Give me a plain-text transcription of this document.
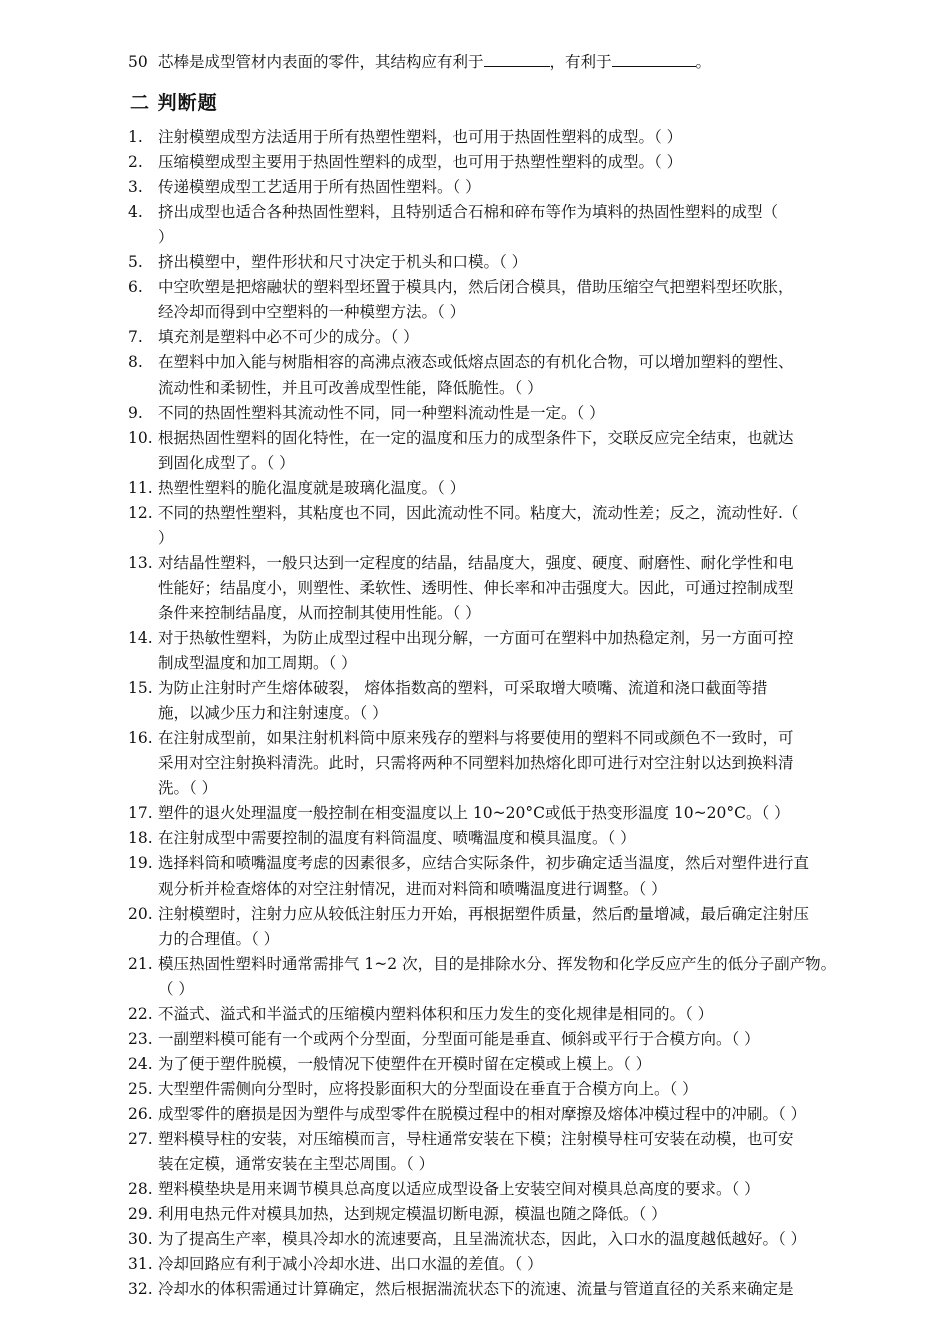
50 芯棒是成型管材内表面的零件，其结构应有利于	，有利于	。
二 判断题
1. 注射模塑成型方法适用于所有热塑性塑料，也可用于热固性塑料的成型。（ ）
2. 压缩模塑成型主要用于热固性塑料的成型，也可用于热塑性塑料的成型。（ ）
3. 传递模塑成型工艺适用于所有热固性塑料。（ ）
4. 挤出成型也适合各种热固性塑料，且特别适合石棉和碎布等作为填料的热固性塑料的成型（
）
5. 挤出模塑中，塑件形状和尺寸决定于机头和口模。（ ）
6. 中空吹塑是把熔融状的塑料型坯置于模具内，然后闭合模具，借助压缩空气把塑料型坯吹胀，
经冷却而得到中空塑料的一种模塑方法。（ ）
7. 填充剂是塑料中必不可少的成分。（ ）
8. 在塑料中加入能与树脂相容的高沸点液态或低熔点固态的有机化合物，可以增加塑料的塑性、
流动性和柔韧性，并且可改善成型性能，降低脆性。（ ）
9. 不同的热固性塑料其流动性不同，同一种塑料流动性是一定。（ ）
10. 根据热固性塑料的固化特性，在一定的温度和压力的成型条件下，交联反应完全结束，也就达
到固化成型了。（ ）
11. 热塑性塑料的脆化温度就是玻璃化温度。（ ）
12. 不同的热塑性塑料，其粘度也不同，因此流动性不同。粘度大，流动性差；反之，流动性好.（
）
13. 对结晶性塑料，一般只达到一定程度的结晶，结晶度大，强度、硬度、耐磨性、耐化学性和电
性能好；结晶度小，则塑性、柔软性、透明性、伸长率和冲击强度大。因此，可通过控制成型
条件来控制结晶度，从而控制其使用性能。（ ）
14. 对于热敏性塑料，为防止成型过程中出现分解，一方面可在塑料中加热稳定剂，另一方面可控
制成型温度和加工周期。（ ）
15. 为防止注射时产生熔体破裂， 熔体指数高的塑料，可采取增大喷嘴、流道和浇口截面等措
施，以减少压力和注射速度。（ ）
16. 在注射成型前，如果注射机料筒中原来残存的塑料与将要使用的塑料不同或颜色不一致时，可
采用对空注射换料清洗。此时，只需将两种不同塑料加热熔化即可进行对空注射以达到换料清
洗。（ ）
17. 塑件的退火处理温度一般控制在相变温度以上 10~20°C或低于热变形温度 10~20°C。（ ）
18. 在注射成型中需要控制的温度有料筒温度、喷嘴温度和模具温度。（ ）
19. 选择料筒和喷嘴温度考虑的因素很多，应结合实际条件，初步确定适当温度，然后对塑件进行直
观分析并检查熔体的对空注射情况，进而对料筒和喷嘴温度进行调整。（ ）
20. 注射模塑时，注射力应从较低注射压力开始，再根据塑件质量，然后酌量增减，最后确定注射压
力的合理值。（ ）
21. 模压热固性塑料时通常需排气 1~2 次，目的是排除水分、挥发物和化学反应产生的低分子副产物。
（ ）
22. 不溢式、溢式和半溢式的压缩模内塑料体积和压力发生的变化规律是相同的。（ ）
23. 一副塑料模可能有一个或两个分型面，分型面可能是垂直、倾斜或平行于合模方向。（ ）
24. 为了便于塑件脱模，一般情况下使塑件在开模时留在定模或上模上。（ ）
25. 大型塑件需侧向分型时，应将投影面积大的分型面设在垂直于合模方向上。（ ）
26. 成型零件的磨损是因为塑件与成型零件在脱模过程中的相对摩擦及熔体冲模过程中的冲刷。（ ）
27. 塑料模导柱的安装，对压缩模而言，导柱通常安装在下模；注射模导柱可安装在动模，也可安
装在定模，通常安装在主型芯周围。（ ）
28. 塑料模垫块是用来调节模具总高度以适应成型设备上安装空间对模具总高度的要求。（ ）
29. 利用电热元件对模具加热，达到规定模温切断电源，模温也随之降低。（ ）
30. 为了提高生产率，模具冷却水的流速要高，且呈湍流状态，因此，入口水的温度越低越好。（ ）
31. 冷却回路应有利于减小冷却水进、出口水温的差值。（ ）
32. 冷却水的体积需通过计算确定，然后根据湍流状态下的流速、流量与管道直径的关系来确定是
